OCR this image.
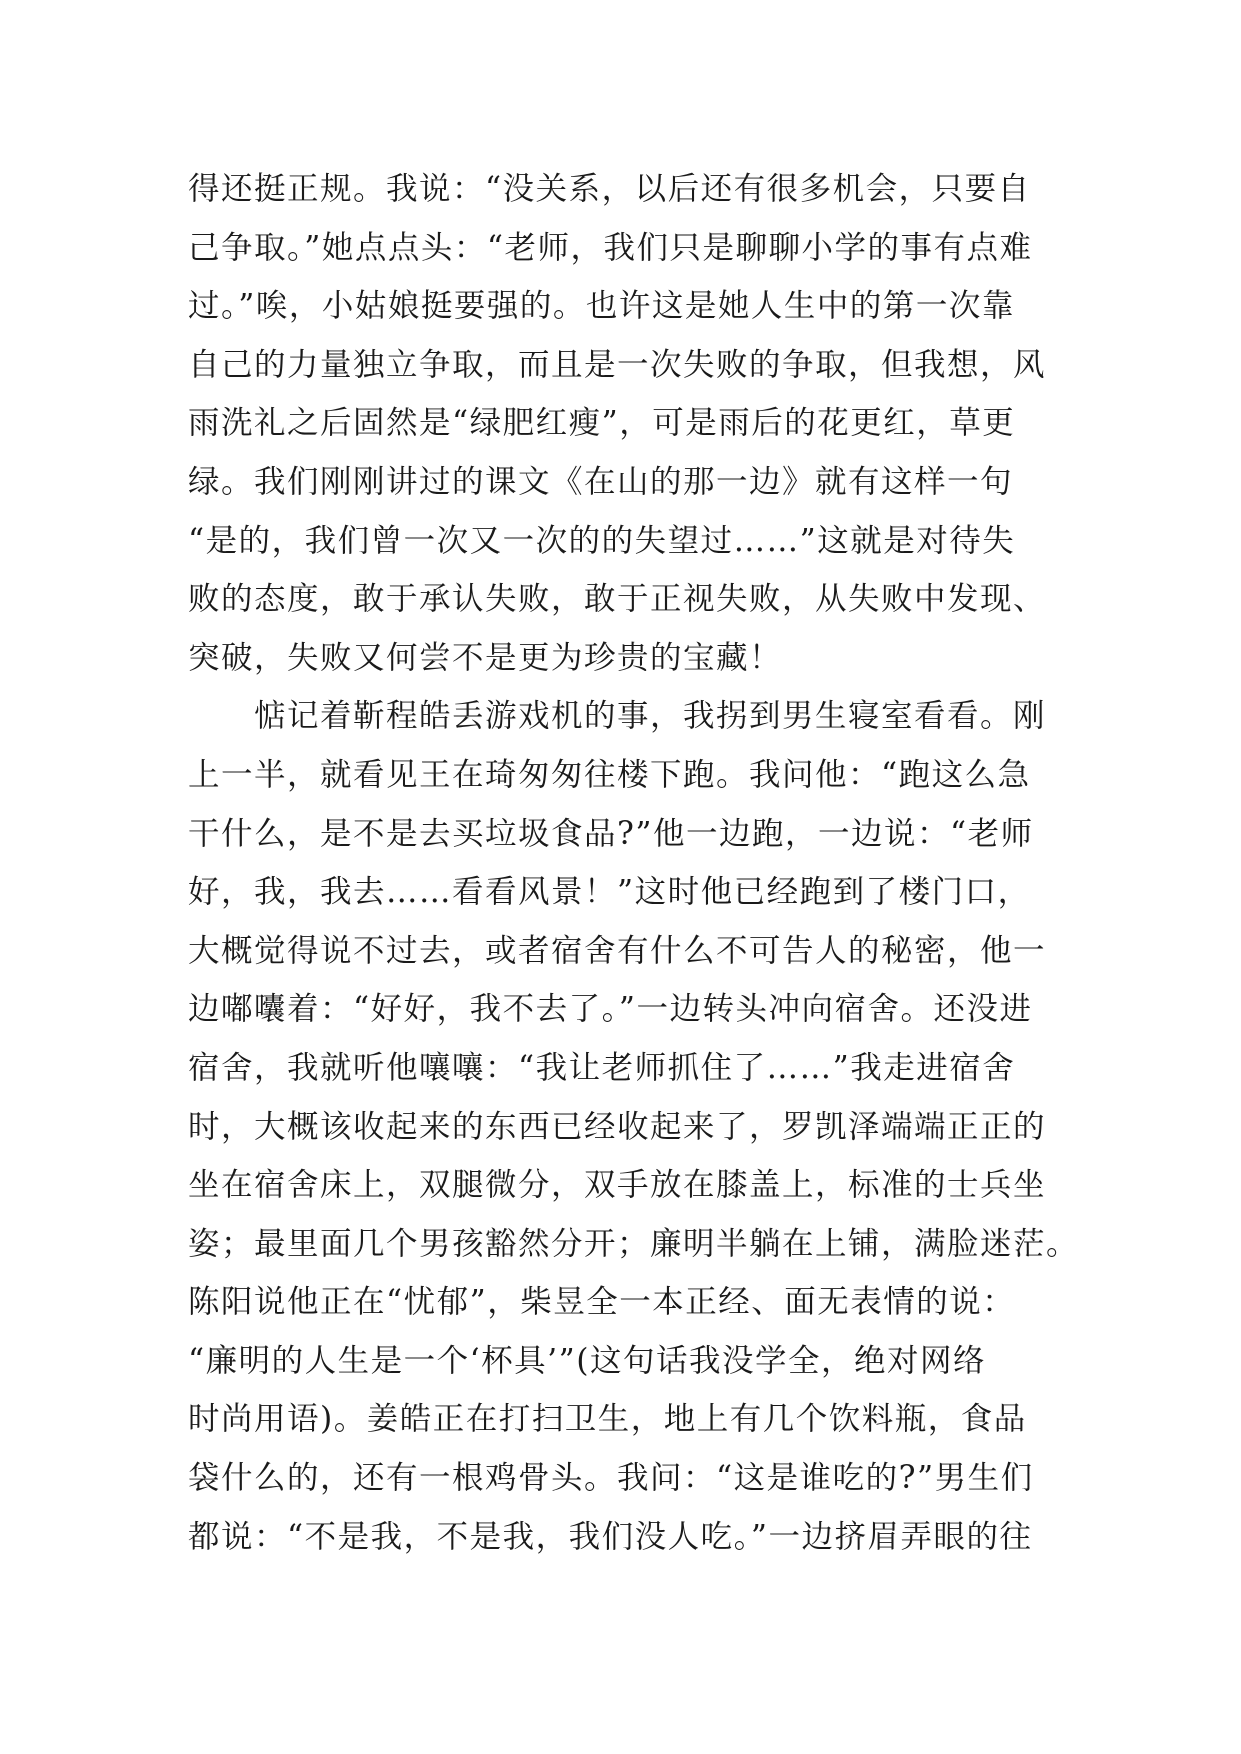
得还挺正规。我说：“没关系，以后还有很多机会，只要自
己争取。”她点点头：“老师，我们只是聊聊小学的事有点难
过。”唉，小姑娘挺要强的。也许这是她人生中的第一次靠
自己的力量独立争取，而且是一次失败的争取，但我想，风
雨洗礼之后固然是“绿肥红瘦”，可是雨后的花更红，草更
绿。我们刚刚讲过的课文《在山的那一边》就有这样一句
“是的，我们曾一次又一次的的失望过……”这就是对待失
败的态度，敢于承认失败，敢于正视失败，从失败中发现、
突破，失败又何尝不是更为珍贵的宝藏！
　　惦记着靳程皓丢游戏机的事，我拐到男生寝室看看。刚
上一半，就看见王在琦匆匆往楼下跑。我问他：“跑这么急
干什么，是不是去买垃圾食品?”他一边跑，一边说：“老师
好，我，我去……看看风景！”这时他已经跑到了楼门口，
大概觉得说不过去，或者宿舍有什么不可告人的秘密，他一
边嘟囔着：“好好，我不去了。”一边转头冲向宿舍。还没进
宿舍，我就听他嚷嚷：“我让老师抓住了……”我走进宿舍
时，大概该收起来的东西已经收起来了，罗凯泽端端正正的
坐在宿舍床上，双腿微分，双手放在膝盖上，标准的士兵坐
姿；最里面几个男孩豁然分开；廉明半躺在上铺，满脸迷茫。
陈阳说他正在“忧郁”，柴昱全一本正经、面无表情的说：
“廉明的人生是一个‘杯具’”(这句话我没学全，绝对网络
时尚用语)。姜皓正在打扫卫生，地上有几个饮料瓶，食品
袋什么的，还有一根鸡骨头。我问：“这是谁吃的?”男生们
都说：“不是我，不是我，我们没人吃。”一边挤眉弄眼的往
